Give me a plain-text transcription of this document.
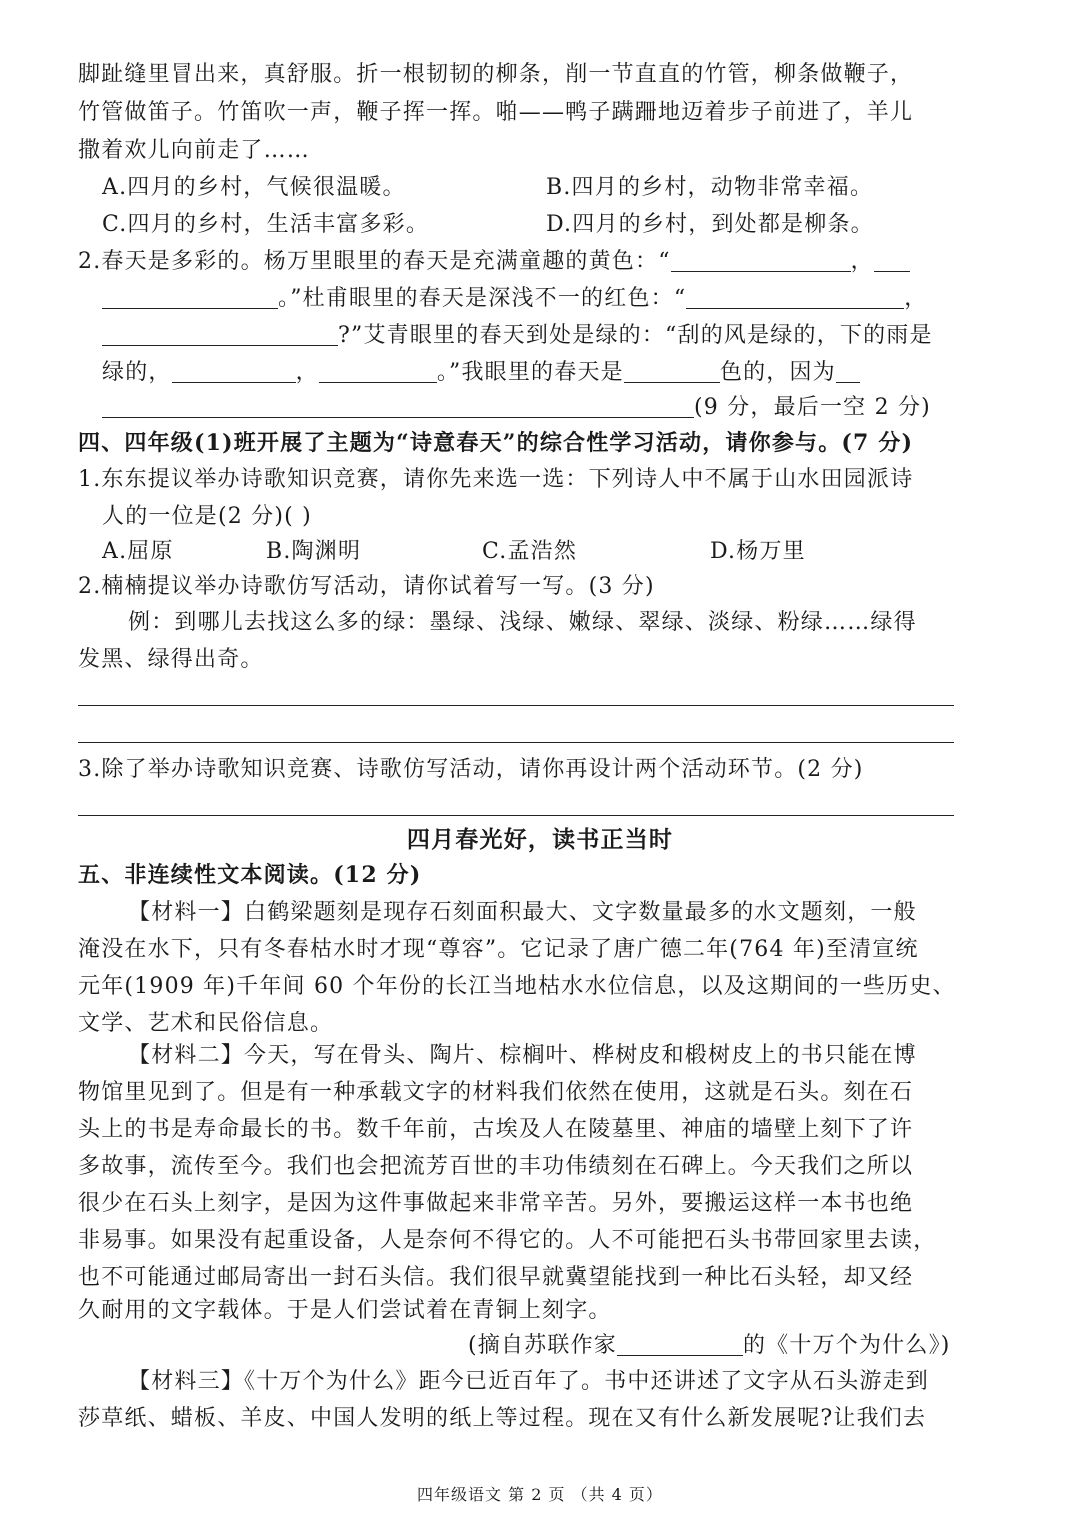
脚趾缝里冒出来，真舒服。折一根韧韧的柳条，削一节直直的竹管，柳条做鞭子，
竹管做笛子。竹笛吹一声，鞭子挥一挥。啪——鸭子蹒跚地迈着步子前进了，羊儿
撒着欢儿向前走了……
A.四月的乡村，气候很温暖。	B.四月的乡村，动物非常幸福。
C.四月的乡村，生活丰富多彩。	D.四月的乡村，到处都是柳条。
2.春天是多彩的。杨万里眼里的春天是充满童趣的黄色：“	，
。”杜甫眼里的春天是深浅不一的红色：“	，
?”艾青眼里的春天到处是绿的：“刮的风是绿的，下的雨是
绿的，	，	。”我眼里的春天是	色的，因为
(9 分，最后一空 2 分)
四、四年级(1)班开展了主题为“诗意春天”的综合性学习活动，请你参与。(7 分)
1.东东提议举办诗歌知识竞赛，请你先来选一选：下列诗人中不属于山水田园派诗
人的一位是(2 分)( )
A.屈原	B.陶渊明	C.孟浩然	D.杨万里
2.楠楠提议举办诗歌仿写活动，请你试着写一写。(3 分)
例：到哪儿去找这么多的绿：墨绿、浅绿、嫩绿、翠绿、淡绿、粉绿……绿得
发黑、绿得出奇。
3.除了举办诗歌知识竞赛、诗歌仿写活动，请你再设计两个活动环节。(2 分)
四月春光好，读书正当时
五、非连续性文本阅读。(12 分)
【材料一】白鹤梁题刻是现存石刻面积最大、文字数量最多的水文题刻，一般
淹没在水下，只有冬春枯水时才现“尊容”。它记录了唐广德二年(764 年)至清宣统
元年(1909 年)千年间 60 个年份的长江当地枯水水位信息，以及这期间的一些历史、
文学、艺术和民俗信息。
【材料二】今天，写在骨头、陶片、棕榈叶、桦树皮和椴树皮上的书只能在博
物馆里见到了。但是有一种承载文字的材料我们依然在使用，这就是石头。刻在石
头上的书是寿命最长的书。数千年前，古埃及人在陵墓里、神庙的墙壁上刻下了许
多故事，流传至今。我们也会把流芳百世的丰功伟绩刻在石碑上。今天我们之所以
很少在石头上刻字，是因为这件事做起来非常辛苦。另外，要搬运这样一本书也绝
非易事。如果没有起重设备，人是奈何不得它的。人不可能把石头书带回家里去读，
也不可能通过邮局寄出一封石头信。我们很早就冀望能找到一种比石头轻，却又经
久耐用的文字载体。于是人们尝试着在青铜上刻字。
(摘自苏联作家	的《十万个为什么》)
【材料三】《十万个为什么》距今已近百年了。书中还讲述了文字从石头游走到
莎草纸、蜡板、羊皮、中国人发明的纸上等过程。现在又有什么新发展呢?让我们去
四年级语文 第 2 页 （共 4 页）
